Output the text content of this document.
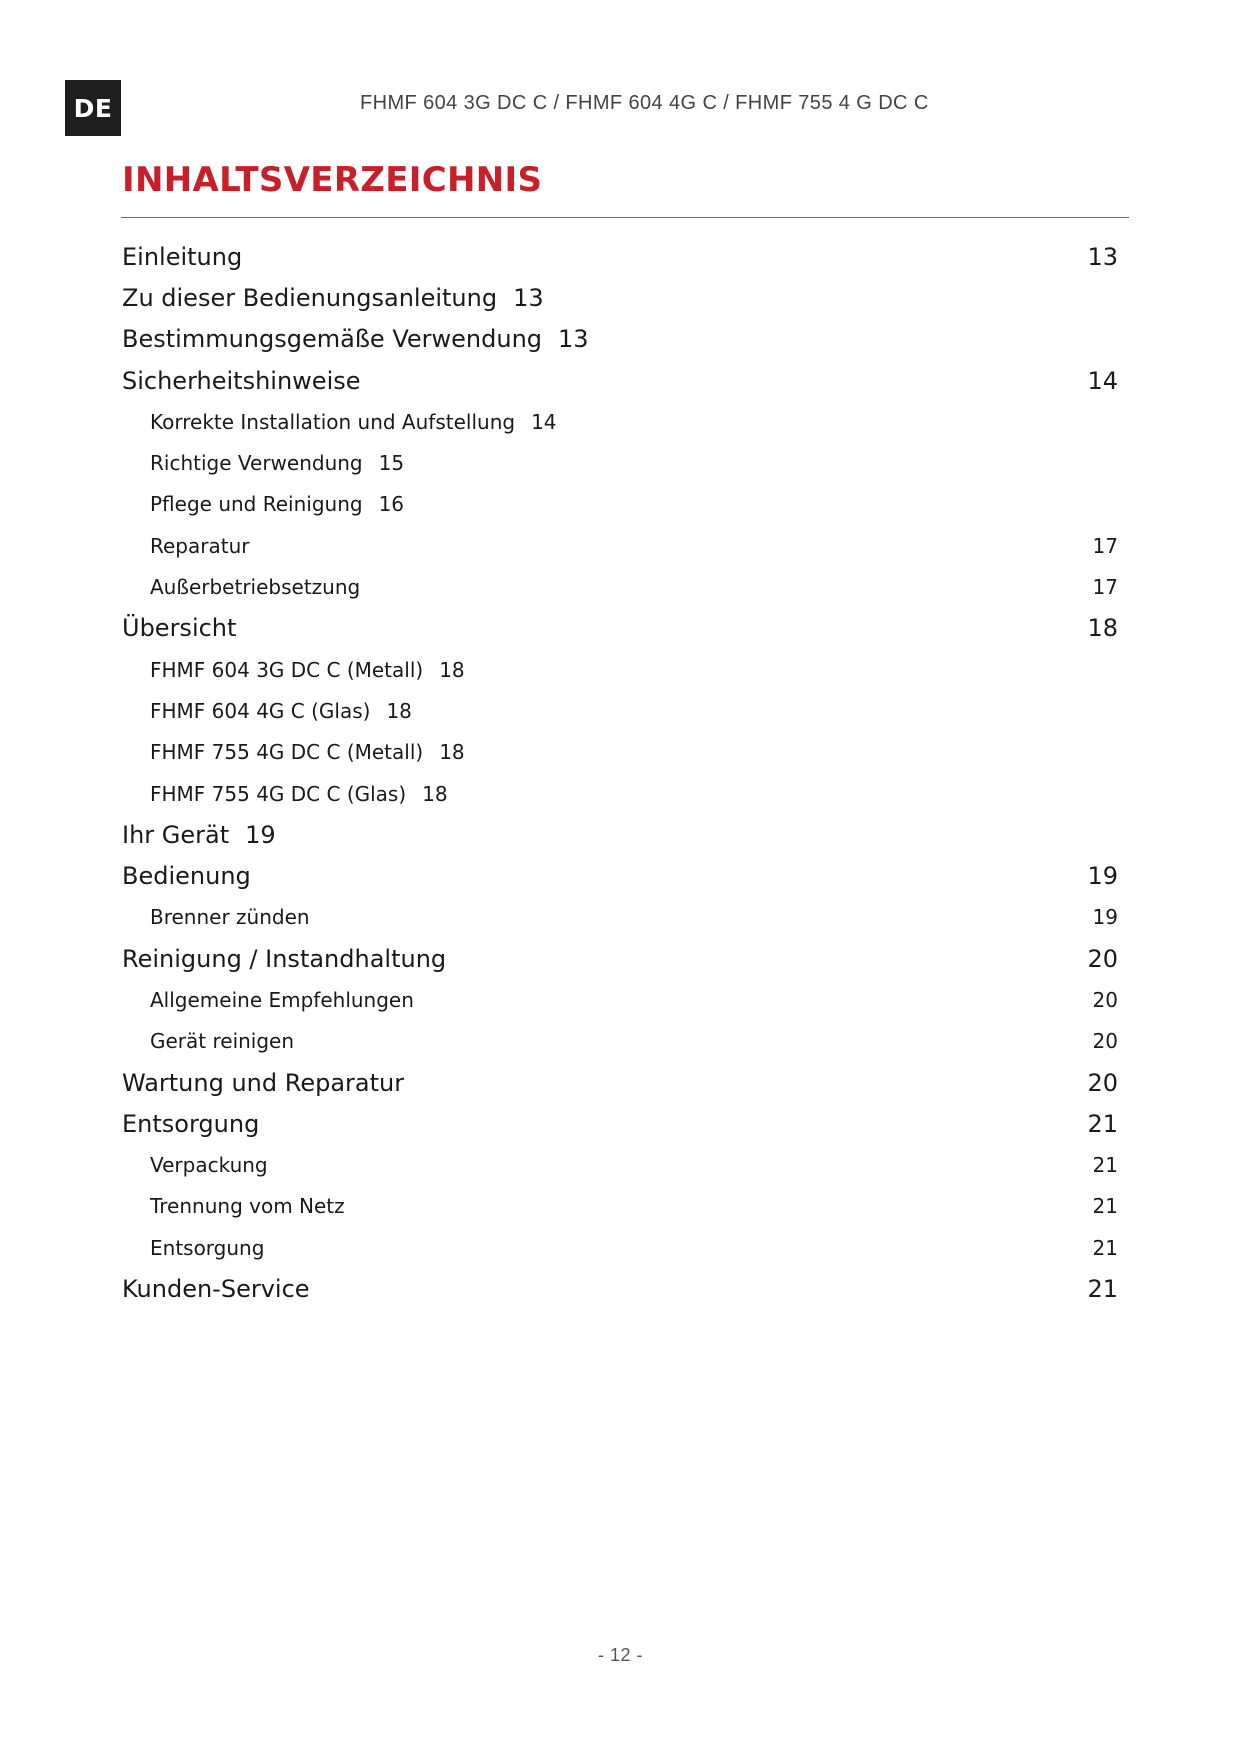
DE	FHMF 604 3G DC C / FHMF 604 4G C / FHMF 755 4 G DC C
INHALTSVERZEICHNIS
Einleitung	13
Zu dieser Bedienungsanleitung 13
Bestimmungsgemäße Verwendung 13
Sicherheitshinweise	14
Korrekte Installation und Aufstellung 14
Richtige Verwendung 15
Pflege und Reinigung 16
Reparatur	17
Außerbetriebsetzung	17
Übersicht	18
FHMF 604 3G DC C (Metall) 18
FHMF 604 4G C (Glas) 18
FHMF 755 4G DC C (Metall) 18
FHMF 755 4G DC C (Glas) 18
Ihr Gerät 19
Bedienung	19
Brenner zünden	19
Reinigung / Instandhaltung	20
Allgemeine Empfehlungen	20
Gerät reinigen	20
Wartung und Reparatur	20
Entsorgung	21
Verpackung	21
Trennung vom Netz	21
Entsorgung	21
Kunden-Service	21
- 12 -
